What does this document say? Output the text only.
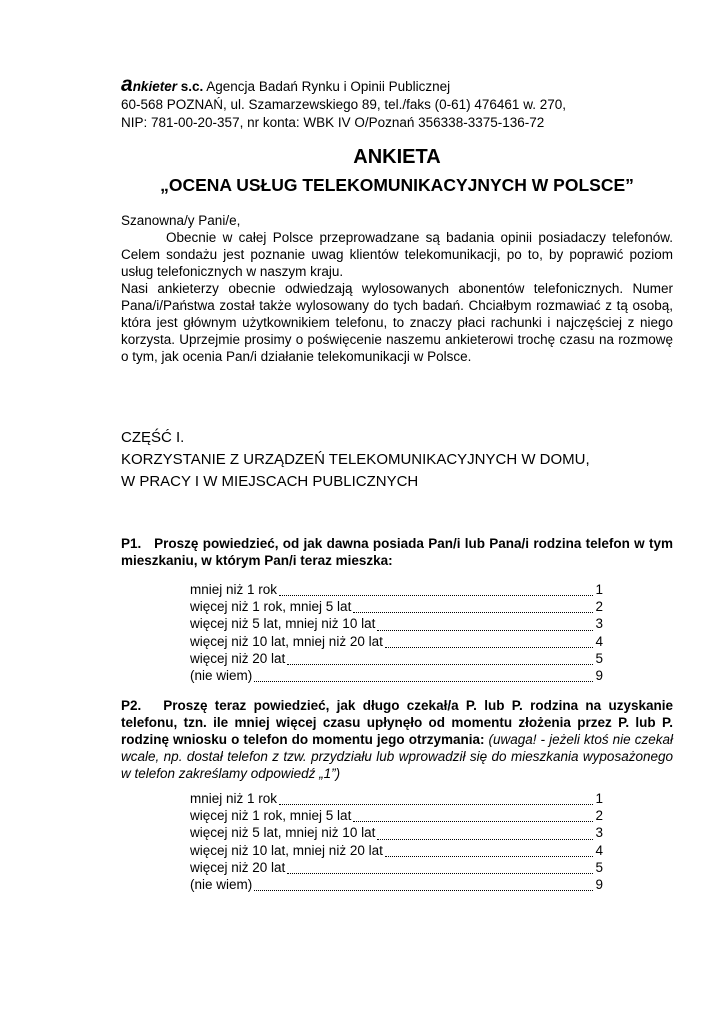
ankieter s.c. Agencja Badań Rynku i Opinii Publicznej
60-568 POZNAŃ, ul. Szamarzewskiego 89, tel./faks (0-61) 476461 w. 270,
NIP: 781-00-20-357, nr konta: WBK IV O/Poznań 356338-3375-136-72
ANKIETA
„OCENA USŁUG TELEKOMUNIKACYJNYCH W POLSCE”

Szanowna/y Pani/e,

Obecnie w całej Polsce przeprowadzane są badania opinii posiadaczy telefonów. Celem sondażu jest poznanie uwag klientów telekomunikacji, po to, by poprawić poziom usług telefonicznych w naszym kraju.

Nasi ankieterzy obecnie odwiedzają wylosowanych abonentów telefonicznych. Numer Pana/i/Państwa został także wylosowany do tych badań. Chciałbym rozmawiać z tą osobą, która jest głównym użytkownikiem telefonu, to znaczy płaci rachunki i najczęściej z niego korzysta. Uprzejmie prosimy o poświęcenie naszemu ankieterowi trochę czasu na rozmowę o tym, jak ocenia Pan/i działanie telekomunikacji w Polsce.

CZĘŚĆ I.
KORZYSTANIE Z URZĄDZEŃ TELEKOMUNIKACYJNYCH W DOMU,
W PRACY I W MIEJSCACH PUBLICZNYCH
P1. Proszę powiedzieć, od jak dawna posiada Pan/i lub Pana/i rodzina telefon w tym mieszkaniu, w którym Pan/i teraz mieszka:
mniej niż 1 rok	1
więcej niż 1 rok, mniej 5 lat	2
więcej niż 5 lat, mniej niż 10 lat	3
więcej niż 10 lat, mniej niż 20 lat	4
więcej niż 20 lat	5
(nie wiem)	9
P2. Proszę teraz powiedzieć, jak długo czekał/a P. lub P. rodzina na uzyskanie telefonu, tzn. ile mniej więcej czasu upłynęło od momentu złożenia przez P. lub P. rodzinę wniosku o telefon do momentu jego otrzymania: (uwaga! - jeżeli ktoś nie czekał wcale, np. dostał telefon z tzw. przydziału lub wprowadził się do mieszkania wyposażonego w telefon zakreślamy odpowiedź „1”)
mniej niż 1 rok	1
więcej niż 1 rok, mniej 5 lat	2
więcej niż 5 lat, mniej niż 10 lat	3
więcej niż 10 lat, mniej niż 20 lat	4
więcej niż 20 lat	5
(nie wiem)	9
